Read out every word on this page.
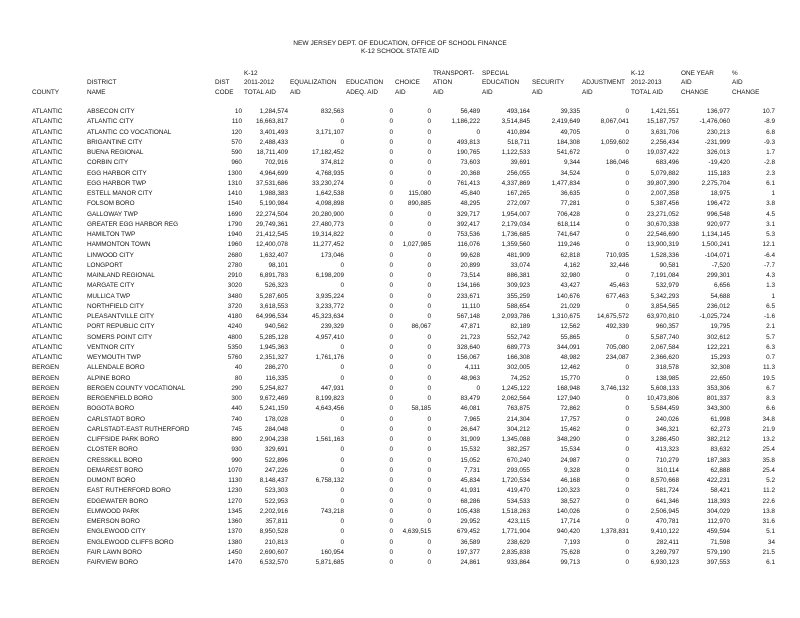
NEW JERSEY DEPT. OF EDUCATION, OFFICE OF SCHOOL FINANCE
K-12 SCHOOL STATE AID
			K-12				TRANSPORT-	SPECIAL			K-12	ONE YEAR	%
	DISTRICT	DIST	2011-2012	EQUALIZATION	EDUCATION	CHOICE	ATION	EDUCATION	SECURITY	ADJUSTMENT	2012-2013	AID	AID
COUNTY	NAME	CODE	TOTAL AID	AID	ADEQ. AID	AID	AID	AID	AID	AID	TOTAL AID	CHANGE	CHANGE

ATLANTIC	ABSECON CITY	10	1,284,574	832,563	0	0	56,489	493,164	39,335	0	1,421,551	136,977	10.7
ATLANTIC	ATLANTIC CITY	110	16,663,817	0	0	0	1,186,222	3,514,845	2,419,649	8,067,041	15,187,757	-1,476,060	-8.9
ATLANTIC	ATLANTIC CO VOCATIONAL	120	3,401,493	3,171,107	0	0	0	410,894	49,705	0	3,631,706	230,213	6.8
ATLANTIC	BRIGANTINE CITY	570	2,488,433	0	0	0	493,813	518,711	184,308	1,059,602	2,256,434	-231,999	-9.3
ATLANTIC	BUENA REGIONAL	590	18,711,409	17,182,452	0	0	190,765	1,122,533	541,672	0	19,037,422	326,013	1.7
ATLANTIC	CORBIN CITY	960	702,916	374,812	0	0	73,603	39,691	9,344	186,046	683,496	-19,420	-2.8
ATLANTIC	EGG HARBOR CITY	1300	4,964,699	4,768,935	0	0	20,368	256,055	34,524	0	5,079,882	115,183	2.3
ATLANTIC	EGG HARBOR TWP	1310	37,531,686	33,230,274	0	0	761,413	4,337,869	1,477,834	0	39,807,390	2,275,704	6.1
ATLANTIC	ESTELL MANOR CITY	1410	1,988,383	1,642,538	0	115,080	45,840	167,265	36,635	0	2,007,358	18,975	1
ATLANTIC	FOLSOM BORO	1540	5,190,984	4,098,898	0	890,885	48,295	272,097	77,281	0	5,387,456	196,472	3.8
ATLANTIC	GALLOWAY TWP	1690	22,274,504	20,280,900	0	0	329,717	1,954,007	706,428	0	23,271,052	996,548	4.5
ATLANTIC	GREATER EGG HARBOR REG	1790	29,749,361	27,480,773	0	0	392,417	2,179,034	618,114	0	30,670,338	920,977	3.1
ATLANTIC	HAMILTON TWP	1940	21,412,545	19,314,822	0	0	753,536	1,736,685	741,647	0	22,546,690	1,134,145	5.3
ATLANTIC	HAMMONTON TOWN	1960	12,400,078	11,277,452	0	1,027,985	116,076	1,359,560	119,246	0	13,900,319	1,500,241	12.1
ATLANTIC	LINWOOD CITY	2680	1,632,407	173,046	0	0	99,628	481,909	62,818	710,935	1,528,336	-104,071	-6.4
ATLANTIC	LONGPORT	2780	98,101	0	0	0	20,899	33,074	4,162	32,446	90,581	-7,520	-7.7
ATLANTIC	MAINLAND REGIONAL	2910	6,891,783	6,198,209	0	0	73,514	886,381	32,980	0	7,191,084	299,301	4.3
ATLANTIC	MARGATE CITY	3020	526,323	0	0	0	134,166	309,923	43,427	45,463	532,979	6,656	1.3
ATLANTIC	MULLICA TWP	3480	5,287,605	3,935,224	0	0	233,671	355,259	140,676	677,463	5,342,293	54,688	1
ATLANTIC	NORTHFIELD CITY	3720	3,618,553	3,233,772	0	0	11,110	588,654	21,029	0	3,854,565	236,012	6.5
ATLANTIC	PLEASANTVILLE CITY	4180	64,996,534	45,323,634	0	0	567,148	2,093,786	1,310,675	14,675,572	63,970,810	-1,025,724	-1.6
ATLANTIC	PORT REPUBLIC CITY	4240	940,562	239,329	0	86,067	47,871	82,189	12,562	492,339	960,357	19,795	2.1
ATLANTIC	SOMERS POINT CITY	4800	5,285,128	4,957,410	0	0	21,723	552,742	55,865	0	5,587,740	302,612	5.7
ATLANTIC	VENTNOR CITY	5350	1,945,363	0	0	0	328,640	689,773	344,091	705,080	2,067,584	122,221	6.3
ATLANTIC	WEYMOUTH TWP	5760	2,351,327	1,761,176	0	0	156,067	166,308	48,982	234,087	2,366,620	15,293	0.7
BERGEN	ALLENDALE BORO	40	286,270	0	0	0	4,111	302,005	12,462	0	318,578	32,308	11.3
BERGEN	ALPINE BORO	80	116,335	0	0	0	48,963	74,252	15,770	0	138,985	22,650	19.5
BERGEN	BERGEN COUNTY VOCATIONAL	290	5,254,827	447,931	0	0	0	1,245,122	168,948	3,746,132	5,608,133	353,306	6.7
BERGEN	BERGENFIELD BORO	300	9,672,469	8,199,823	0	0	83,479	2,062,564	127,940	0	10,473,806	801,337	8.3
BERGEN	BOGOTA BORO	440	5,241,159	4,643,456	0	58,185	46,081	763,875	72,862	0	5,584,459	343,300	6.6
BERGEN	CARLSTADT BORO	740	178,028	0	0	0	7,965	214,304	17,757	0	240,026	61,998	34.8
BERGEN	CARLSTADT-EAST RUTHERFORD	745	284,048	0	0	0	26,647	304,212	15,462	0	346,321	62,273	21.9
BERGEN	CLIFFSIDE PARK BORO	890	2,904,238	1,561,163	0	0	31,909	1,345,088	348,290	0	3,286,450	382,212	13.2
BERGEN	CLOSTER BORO	930	329,691	0	0	0	15,532	382,257	15,534	0	413,323	83,632	25.4
BERGEN	CRESSKILL BORO	990	522,896	0	0	0	15,052	670,240	24,987	0	710,279	187,383	35.8
BERGEN	DEMAREST BORO	1070	247,226	0	0	0	7,731	293,055	9,328	0	310,114	62,888	25.4
BERGEN	DUMONT BORO	1130	8,148,437	6,758,132	0	0	45,834	1,720,534	46,168	0	8,570,668	422,231	5.2
BERGEN	EAST RUTHERFORD BORO	1230	523,303	0	0	0	41,931	419,470	120,323	0	581,724	58,421	11.2
BERGEN	EDGEWATER BORO	1270	522,953	0	0	0	68,286	534,533	38,527	0	641,346	118,393	22.6
BERGEN	ELMWOOD PARK	1345	2,202,916	743,218	0	0	105,438	1,518,263	140,026	0	2,506,945	304,029	13.8
BERGEN	EMERSON BORO	1360	357,811	0	0	0	29,952	423,115	17,714	0	470,781	112,970	31.6
BERGEN	ENGLEWOOD CITY	1370	8,950,528	0	0	4,639,515	679,452	1,771,904	940,420	1,378,831	9,410,122	459,594	5.1
BERGEN	ENGLEWOOD CLIFFS BORO	1380	210,813	0	0	0	36,589	238,629	7,193	0	282,411	71,598	34
BERGEN	FAIR LAWN BORO	1450	2,690,607	160,954	0	0	197,377	2,835,838	75,628	0	3,269,797	579,190	21.5
BERGEN	FAIRVIEW BORO	1470	6,532,570	5,871,685	0	0	24,861	933,864	99,713	0	6,930,123	397,553	6.1
